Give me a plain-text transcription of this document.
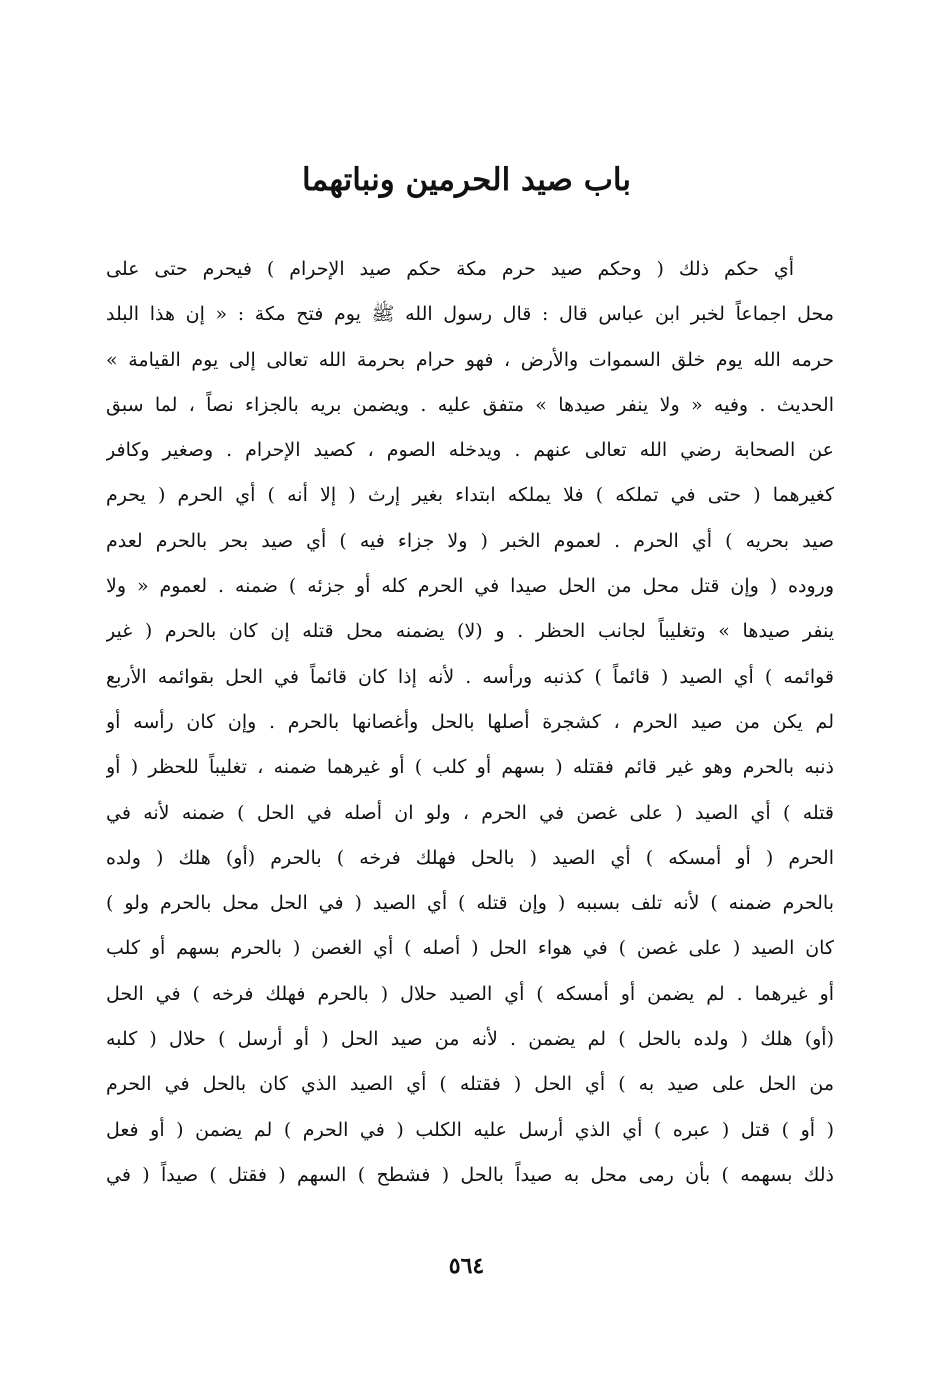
باب صيد الحرمين ونباتهما
أي حكم ذلك ( وحكم صيد حرم مكة حكم صيد الإحرام ) فيحرم حتى على
محل اجماعاً لخبر ابن عباس قال : قال رسول الله ﷺ يوم فتح مكة : « إن هذا البلد
حرمه الله يوم خلق السموات والأرض ، فهو حرام بحرمة الله تعالى إلى يوم القيامة »
الحديث . وفيه « ولا ينفر صيدها » متفق عليه . ويضمن بريه بالجزاء نصاً ، لما سبق
عن الصحابة رضي الله تعالى عنهم . ويدخله الصوم ، كصيد الإحرام . وصغير وكافر
كغيرهما ( حتى في تملكه ) فلا يملكه ابتداء بغير إرث ( إلا أنه ) أي الحرم ( يحرم
صيد بحريه ) أي الحرم . لعموم الخبر ( ولا جزاء فيه ) أي صيد بحر بالحرم لعدم
وروده ( وإن قتل محل من الحل صيدا في الحرم كله أو جزئه ) ضمنه . لعموم « ولا
ينفر صيدها » وتغليباً لجانب الحظر . و (لا) يضمنه محل قتله إن كان بالحرم ( غير
قوائمه ) أي الصيد ( قائماً ) كذنبه ورأسه . لأنه إذا كان قائماً في الحل بقوائمه الأربع
لم يكن من صيد الحرم ، كشجرة أصلها بالحل وأغصانها بالحرم . وإن كان رأسه أو
ذنبه بالحرم وهو غير قائم فقتله ( بسهم أو كلب ) أو غيرهما ضمنه ، تغليباً للحظر ( أو
قتله ) أي الصيد ( على غصن في الحرم ، ولو ان أصله في الحل ) ضمنه لأنه في
الحرم ( أو أمسكه ) أي الصيد ( بالحل فهلك فرخه ) بالحرم (أو) هلك ( ولده
بالحرم ضمنه ) لأنه تلف بسببه ( وإن قتله ) أي الصيد ( في الحل محل بالحرم ولو )
كان الصيد ( على غصن ) في هواء الحل ( أصله ) أي الغصن ( بالحرم بسهم أو كلب
أو غيرهما . لم يضمن أو أمسكه ) أي الصيد حلال ( بالحرم فهلك فرخه ) في الحل
(أو) هلك ( ولده بالحل ) لم يضمن . لأنه من صيد الحل ( أو أرسل ) حلال ( كلبه
من الحل على صيد به ) أي الحل ( فقتله ) أي الصيد الذي كان بالحل في الحرم
( أو ) قتل ( عبره ) أي الذي أرسل عليه الكلب ( في الحرم ) لم يضمن ( أو فعل
ذلك بسهمه ) بأن رمى محل به صيداً بالحل ( فشطح ) السهم ( فقتل ) صيداً ( في
٥٦٤
